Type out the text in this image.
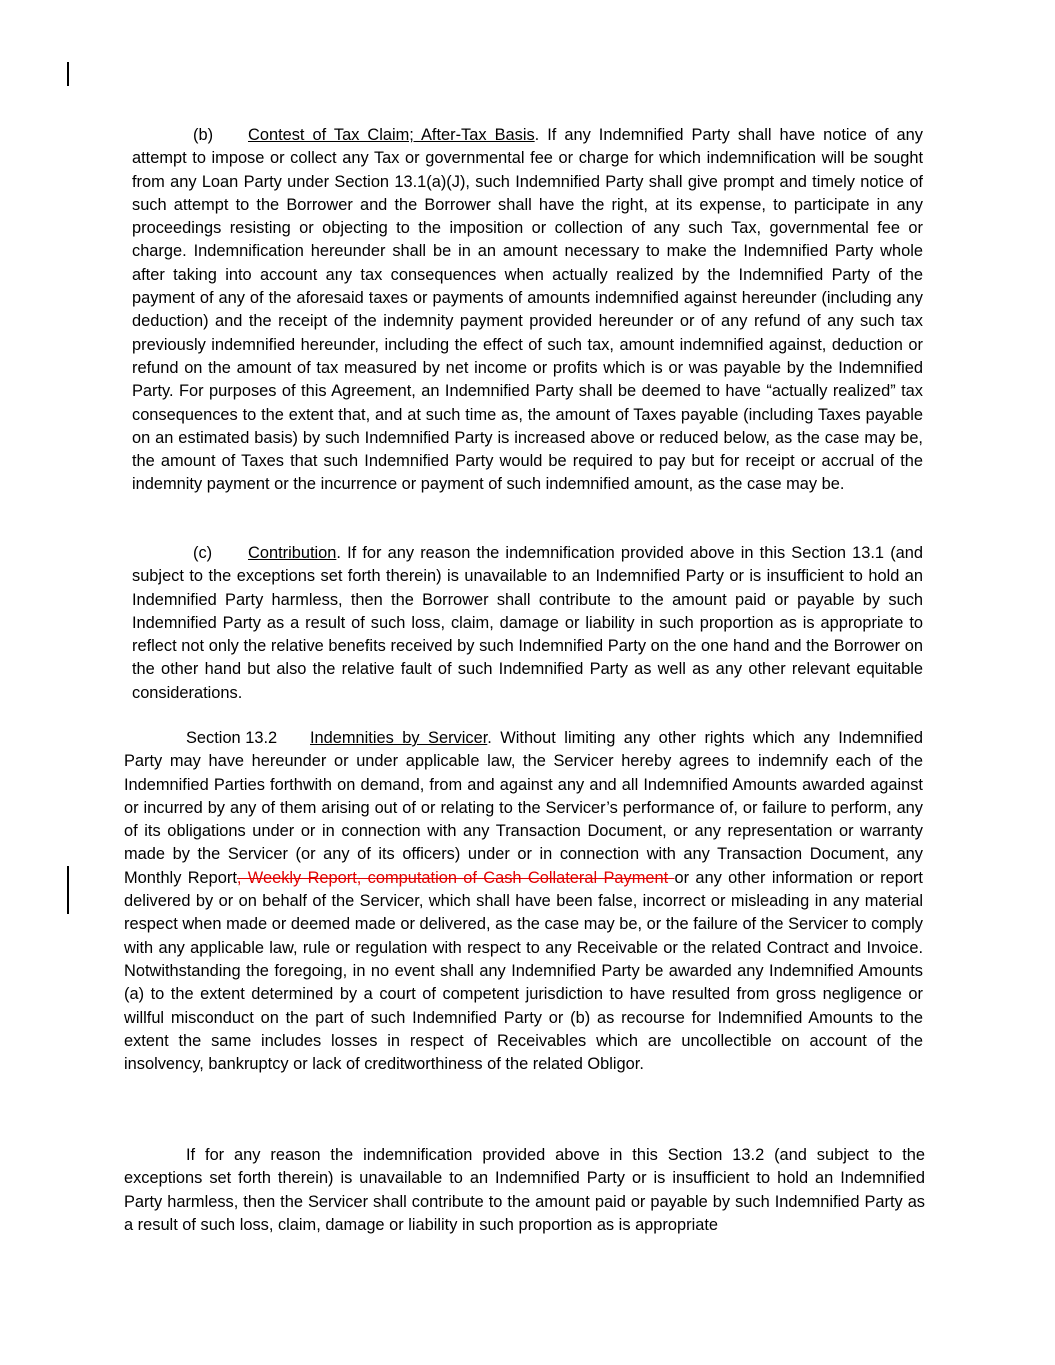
(b) Contest of Tax Claim; After-Tax Basis. If any Indemnified Party shall have notice of any attempt to impose or collect any Tax or governmental fee or charge for which indemnification will be sought from any Loan Party under Section 13.1(a)(J), such Indemnified Party shall give prompt and timely notice of such attempt to the Borrower and the Borrower shall have the right, at its expense, to participate in any proceedings resisting or objecting to the imposition or collection of any such Tax, governmental fee or charge. Indemnification hereunder shall be in an amount necessary to make the Indemnified Party whole after taking into account any tax consequences when actually realized by the Indemnified Party of the payment of any of the aforesaid taxes or payments of amounts indemnified against hereunder (including any deduction) and the receipt of the indemnity payment provided hereunder or of any refund of any such tax previously indemnified hereunder, including the effect of such tax, amount indemnified against, deduction or refund on the amount of tax measured by net income or profits which is or was payable by the Indemnified Party. For purposes of this Agreement, an Indemnified Party shall be deemed to have “actually realized” tax consequences to the extent that, and at such time as, the amount of Taxes payable (including Taxes payable on an estimated basis) by such Indemnified Party is increased above or reduced below, as the case may be, the amount of Taxes that such Indemnified Party would be required to pay but for receipt or accrual of the indemnity payment or the incurrence or payment of such indemnified amount, as the case may be.

(c) Contribution. If for any reason the indemnification provided above in this Section 13.1 (and subject to the exceptions set forth therein) is unavailable to an Indemnified Party or is insufficient to hold an Indemnified Party harmless, then the Borrower shall contribute to the amount paid or payable by such Indemnified Party as a result of such loss, claim, damage or liability in such proportion as is appropriate to reflect not only the relative benefits received by such Indemnified Party on the one hand and the Borrower on the other hand but also the relative fault of such Indemnified Party as well as any other relevant equitable considerations.

Section 13.2 Indemnities by Servicer. Without limiting any other rights which any Indemnified Party may have hereunder or under applicable law, the Servicer hereby agrees to indemnify each of the Indemnified Parties forthwith on demand, from and against any and all Indemnified Amounts awarded against or incurred by any of them arising out of or relating to the Servicer’s performance of, or failure to perform, any of its obligations under or in connection with any Transaction Document, or any representation or warranty made by the Servicer (or any of its officers) under or in connection with any Transaction Document, any Monthly Report, Weekly Report, computation of Cash Collateral Payment or any other information or report delivered by or on behalf of the Servicer, which shall have been false, incorrect or misleading in any material respect when made or deemed made or delivered, as the case may be, or the failure of the Servicer to comply with any applicable law, rule or regulation with respect to any Receivable or the related Contract and Invoice. Notwithstanding the foregoing, in no event shall any Indemnified Party be awarded any Indemnified Amounts (a) to the extent determined by a court of competent jurisdiction to have resulted from gross negligence or willful misconduct on the part of such Indemnified Party or (b) as recourse for Indemnified Amounts to the extent the same includes losses in respect of Receivables which are uncollectible on account of the insolvency, bankruptcy or lack of creditworthiness of the related Obligor.

If for any reason the indemnification provided above in this Section 13.2 (and subject to the exceptions set forth therein) is unavailable to an Indemnified Party or is insufficient to hold an Indemnified Party harmless, then the Servicer shall contribute to the amount paid or payable by such Indemnified Party as a result of such loss, claim, damage or liability in such proportion as is appropriate
